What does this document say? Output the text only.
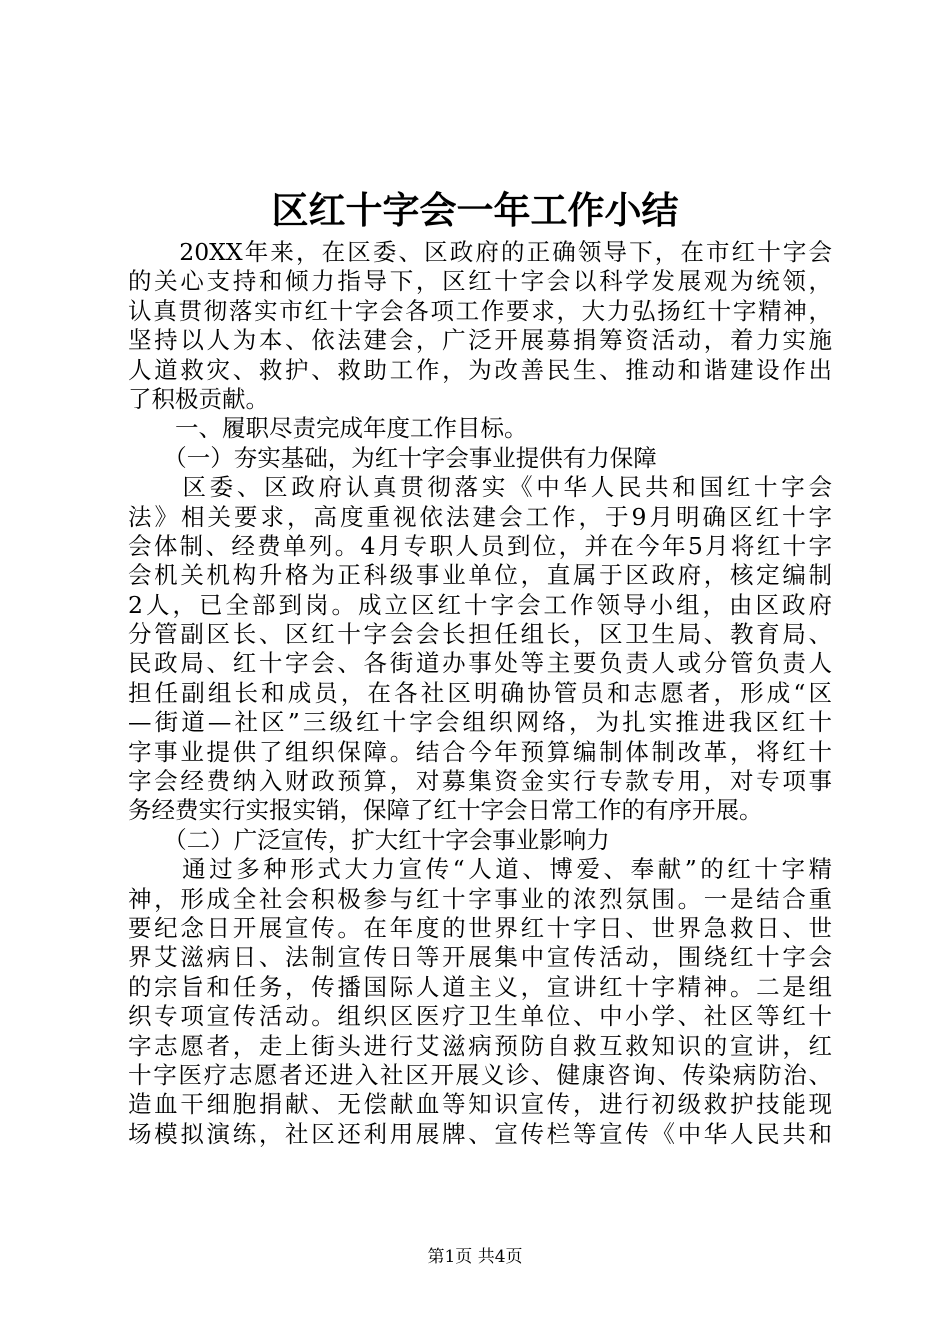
区红十字会一年工作小结
　　20XX年来，在区委、区政府的正确领导下，在市红十字会
的关心支持和倾力指导下，区红十字会以科学发展观为统领，
认真贯彻落实市红十字会各项工作要求，大力弘扬红十字精神，
坚持以人为本、依法建会，广泛开展募捐筹资活动，着力实施
人道救灾、救护、救助工作，为改善民生、推动和谐建设作出
了积极贡献。
　　一、履职尽责完成年度工作目标。
　　（一）夯实基础，为红十字会事业提供有力保障
　　区委、区政府认真贯彻落实《中华人民共和国红十字会
法》相关要求，高度重视依法建会工作，于9月明确区红十字
会体制、经费单列。4月专职人员到位，并在今年5月将红十字
会机关机构升格为正科级事业单位，直属于区政府，核定编制
2人，已全部到岗。成立区红十字会工作领导小组，由区政府
分管副区长、区红十字会会长担任组长，区卫生局、教育局、
民政局、红十字会、各街道办事处等主要负责人或分管负责人
担任副组长和成员，在各社区明确协管员和志愿者，形成“区
—街道—社区”三级红十字会组织网络，为扎实推进我区红十
字事业提供了组织保障。结合今年预算编制体制改革，将红十
字会经费纳入财政预算，对募集资金实行专款专用，对专项事
务经费实行实报实销，保障了红十字会日常工作的有序开展。
　　（二）广泛宣传，扩大红十字会事业影响力
　　通过多种形式大力宣传“人道、博爱、奉献”的红十字精
神，形成全社会积极参与红十字事业的浓烈氛围。一是结合重
要纪念日开展宣传。在年度的世界红十字日、世界急救日、世
界艾滋病日、法制宣传日等开展集中宣传活动，围绕红十字会
的宗旨和任务，传播国际人道主义，宣讲红十字精神。二是组
织专项宣传活动。组织区医疗卫生单位、中小学、社区等红十
字志愿者，走上街头进行艾滋病预防自救互救知识的宣讲，红
十字医疗志愿者还进入社区开展义诊、健康咨询、传染病防治、
造血干细胞捐献、无偿献血等知识宣传，进行初级救护技能现
场模拟演练，社区还利用展牌、宣传栏等宣传《中华人民共和
第1页 共4页
